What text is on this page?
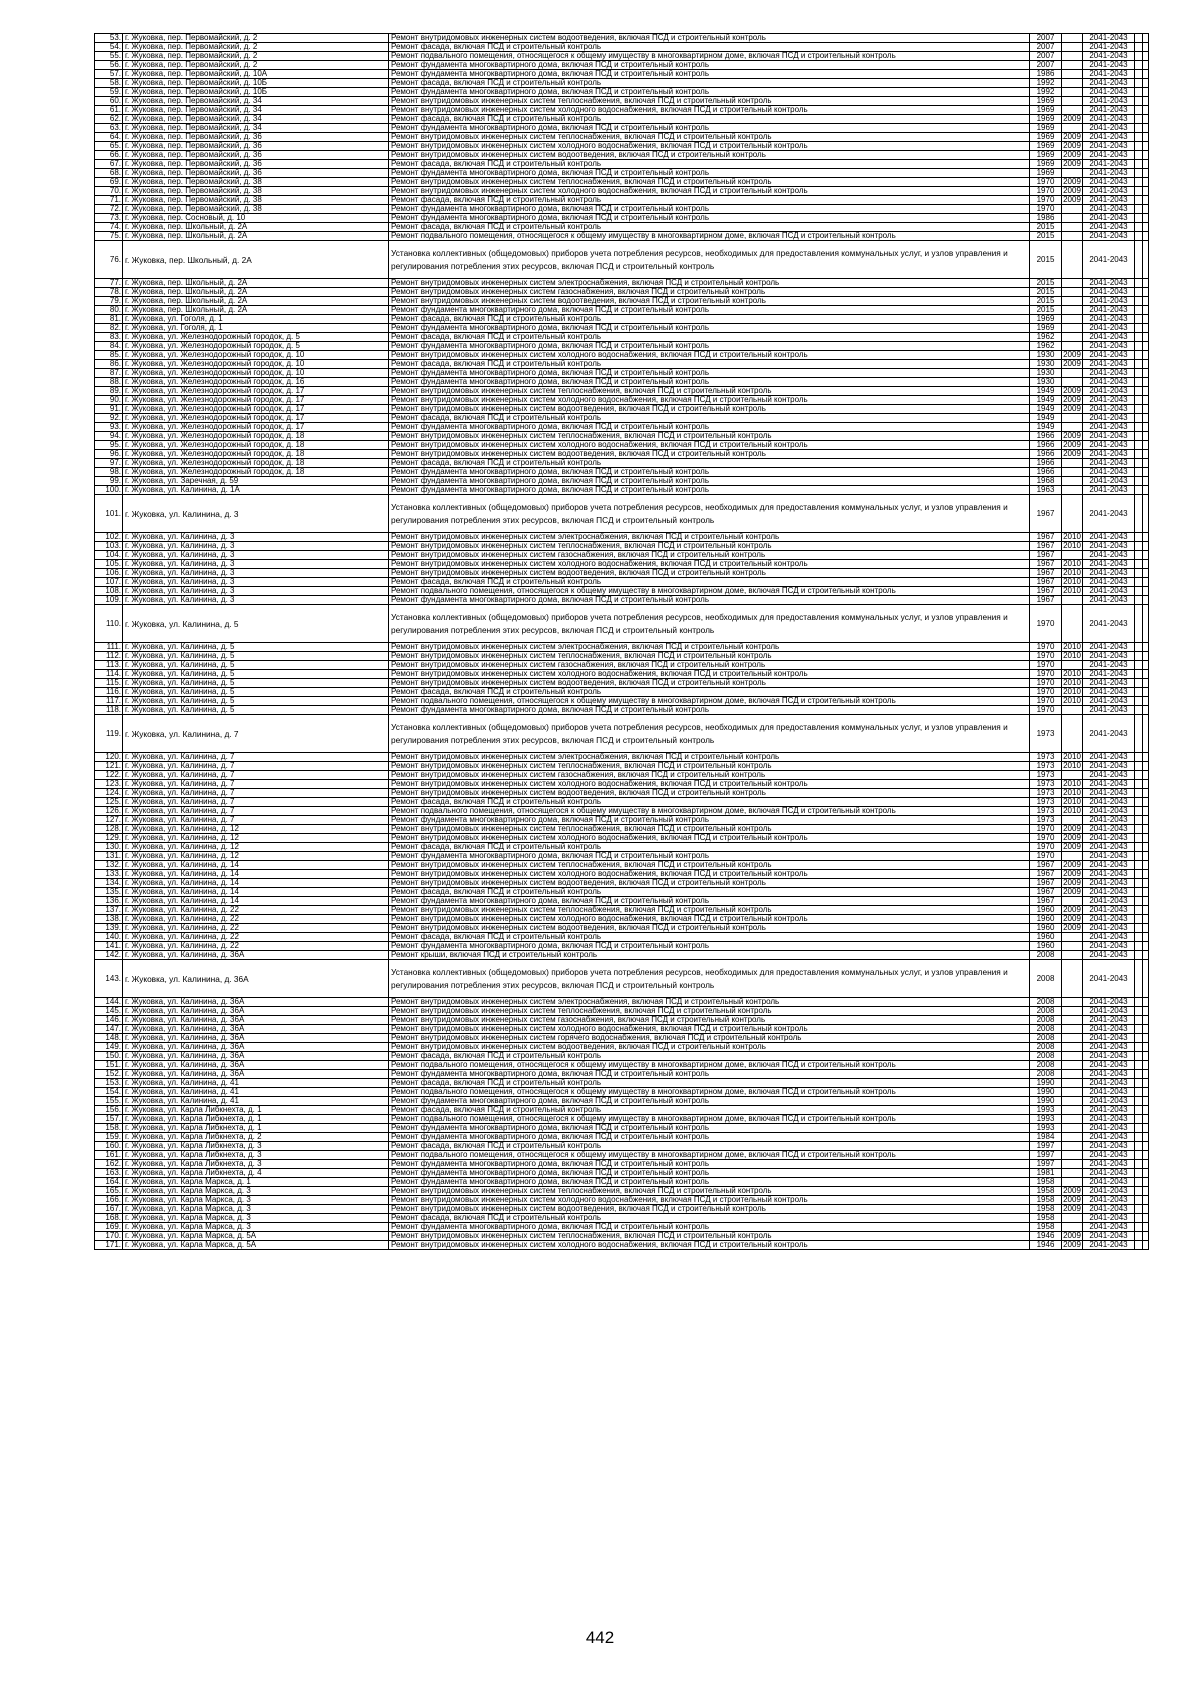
53.	г. Жуковка, пер. Первомайский, д. 2	Ремонт внутридомовых инженерных систем водоотведения, включая ПСД и строительный контроль	2007		2041-2043		
54.	г. Жуковка, пер. Первомайский, д. 2	Ремонт фасада, включая ПСД и строительный контроль	2007		2041-2043		
55.	г. Жуковка, пер. Первомайский, д. 2	Ремонт подвального помещения, относящегося к общему имуществу в многоквартирном доме, включая ПСД и строительный контроль	2007		2041-2043		
56.	г. Жуковка, пер. Первомайский, д. 2	Ремонт фундамента многоквартирного дома, включая ПСД и строительный контроль	2007		2041-2043		
57.	г. Жуковка, пер. Первомайский, д. 10А	Ремонт фундамента многоквартирного дома, включая ПСД и строительный контроль	1986		2041-2043		
58.	г. Жуковка, пер. Первомайский, д. 10Б	Ремонт фасада, включая ПСД и строительный контроль	1992		2041-2043		
59.	г. Жуковка, пер. Первомайский, д. 10Б	Ремонт фундамента многоквартирного дома, включая ПСД и строительный контроль	1992		2041-2043		
60.	г. Жуковка, пер. Первомайский, д. 34	Ремонт внутридомовых инженерных систем теплоснабжения, включая ПСД и строительный контроль	1969		2041-2043		
61.	г. Жуковка, пер. Первомайский, д. 34	Ремонт внутридомовых инженерных систем холодного водоснабжения, включая ПСД и строительный контроль	1969		2041-2043		
62.	г. Жуковка, пер. Первомайский, д. 34	Ремонт фасада, включая ПСД и строительный контроль	1969	2009	2041-2043		
63.	г. Жуковка, пер. Первомайский, д. 34	Ремонт фундамента многоквартирного дома, включая ПСД и строительный контроль	1969		2041-2043		
64.	г. Жуковка, пер. Первомайский, д. 36	Ремонт внутридомовых инженерных систем теплоснабжения, включая ПСД и строительный контроль	1969	2009	2041-2043		
65.	г. Жуковка, пер. Первомайский, д. 36	Ремонт внутридомовых инженерных систем холодного водоснабжения, включая ПСД и строительный контроль	1969	2009	2041-2043		
66.	г. Жуковка, пер. Первомайский, д. 36	Ремонт внутридомовых инженерных систем водоотведения, включая ПСД и строительный контроль	1969	2009	2041-2043		
67.	г. Жуковка, пер. Первомайский, д. 36	Ремонт фасада, включая ПСД и строительный контроль	1969	2009	2041-2043		
68.	г. Жуковка, пер. Первомайский, д. 36	Ремонт фундамента многоквартирного дома, включая ПСД и строительный контроль	1969		2041-2043		
69.	г. Жуковка, пер. Первомайский, д. 38	Ремонт внутридомовых инженерных систем теплоснабжения, включая ПСД и строительный контроль	1970	2009	2041-2043		
70.	г. Жуковка, пер. Первомайский, д. 38	Ремонт внутридомовых инженерных систем холодного водоснабжения, включая ПСД и строительный контроль	1970	2009	2041-2043		
71.	г. Жуковка, пер. Первомайский, д. 38	Ремонт фасада, включая ПСД и строительный контроль	1970	2009	2041-2043		
72.	г. Жуковка, пер. Первомайский, д. 38	Ремонт фундамента многоквартирного дома, включая ПСД и строительный контроль	1970		2041-2043		
73.	г. Жуковка, пер. Сосновый, д. 10	Ремонт фундамента многоквартирного дома, включая ПСД и строительный контроль	1986		2041-2043		
74.	г. Жуковка, пер. Школьный, д. 2А	Ремонт фасада, включая ПСД и строительный контроль	2015		2041-2043		
75.	г. Жуковка, пер. Школьный, д. 2А	Ремонт подвального помещения, относящегося к общему имуществу в многоквартирном доме, включая ПСД и строительный контроль	2015		2041-2043		
76.	г. Жуковка, пер. Школьный, д. 2А	Установка коллективных (общедомовых) приборов учета потребления ресурсов, необходимых для предоставления коммунальных услуг, и узлов управления и регулирования потребления этих ресурсов, включая ПСД и строительный контроль	2015		2041-2043		
77.	г. Жуковка, пер. Школьный, д. 2А	Ремонт внутридомовых инженерных систем электроснабжения, включая ПСД и строительный контроль	2015		2041-2043		
78.	г. Жуковка, пер. Школьный, д. 2А	Ремонт внутридомовых инженерных систем газоснабжения, включая ПСД и строительный контроль	2015		2041-2043		
79.	г. Жуковка, пер. Школьный, д. 2А	Ремонт внутридомовых инженерных систем водоотведения, включая ПСД и строительный контроль	2015		2041-2043		
80.	г. Жуковка, пер. Школьный, д. 2А	Ремонт фундамента многоквартирного дома, включая ПСД и строительный контроль	2015		2041-2043		
81.	г. Жуковка, ул. Гоголя, д. 1	Ремонт фасада, включая ПСД и строительный контроль	1969		2041-2043		
82.	г. Жуковка, ул. Гоголя, д. 1	Ремонт фундамента многоквартирного дома, включая ПСД и строительный контроль	1969		2041-2043		
83.	г. Жуковка, ул. Железнодорожный городок, д. 5	Ремонт фасада, включая ПСД и строительный контроль	1962		2041-2043		
84.	г. Жуковка, ул. Железнодорожный городок, д. 5	Ремонт фундамента многоквартирного дома, включая ПСД и строительный контроль	1962		2041-2043		
85.	г. Жуковка, ул. Железнодорожный городок, д. 10	Ремонт внутридомовых инженерных систем холодного водоснабжения, включая ПСД и строительный контроль	1930	2009	2041-2043		
86.	г. Жуковка, ул. Железнодорожный городок, д. 10	Ремонт фасада, включая ПСД и строительный контроль	1930	2009	2041-2043		
87.	г. Жуковка, ул. Железнодорожный городок, д. 10	Ремонт фундамента многоквартирного дома, включая ПСД и строительный контроль	1930		2041-2043		
88.	г. Жуковка, ул. Железнодорожный городок, д. 16	Ремонт фундамента многоквартирного дома, включая ПСД и строительный контроль	1930		2041-2043		
89.	г. Жуковка, ул. Железнодорожный городок, д. 17	Ремонт внутридомовых инженерных систем теплоснабжения, включая ПСД и строительный контроль	1949	2009	2041-2043		
90.	г. Жуковка, ул. Железнодорожный городок, д. 17	Ремонт внутридомовых инженерных систем холодного водоснабжения, включая ПСД и строительный контроль	1949	2009	2041-2043		
91.	г. Жуковка, ул. Железнодорожный городок, д. 17	Ремонт внутридомовых инженерных систем водоотведения, включая ПСД и строительный контроль	1949	2009	2041-2043		
92.	г. Жуковка, ул. Железнодорожный городок, д. 17	Ремонт фасада, включая ПСД и строительный контроль	1949		2041-2043		
93.	г. Жуковка, ул. Железнодорожный городок, д. 17	Ремонт фундамента многоквартирного дома, включая ПСД и строительный контроль	1949		2041-2043		
94.	г. Жуковка, ул. Железнодорожный городок, д. 18	Ремонт внутридомовых инженерных систем теплоснабжения, включая ПСД и строительный контроль	1966	2009	2041-2043		
95.	г. Жуковка, ул. Железнодорожный городок, д. 18	Ремонт внутридомовых инженерных систем холодного водоснабжения, включая ПСД и строительный контроль	1966	2009	2041-2043		
96.	г. Жуковка, ул. Железнодорожный городок, д. 18	Ремонт внутридомовых инженерных систем водоотведения, включая ПСД и строительный контроль	1966	2009	2041-2043		
97.	г. Жуковка, ул. Железнодорожный городок, д. 18	Ремонт фасада, включая ПСД и строительный контроль	1966		2041-2043		
98.	г. Жуковка, ул. Железнодорожный городок, д. 18	Ремонт фундамента многоквартирного дома, включая ПСД и строительный контроль	1966		2041-2043		
99.	г. Жуковка, ул. Заречная, д. 59	Ремонт фундамента многоквартирного дома, включая ПСД и строительный контроль	1968		2041-2043		
100.	г. Жуковка, ул. Калинина, д. 1А	Ремонт фундамента многоквартирного дома, включая ПСД и строительный контроль	1963		2041-2043		
101.	г. Жуковка, ул. Калинина, д. 3	Установка коллективных (общедомовых) приборов учета потребления ресурсов, необходимых для предоставления коммунальных услуг, и узлов управления и регулирования потребления этих ресурсов, включая ПСД и строительный контроль	1967		2041-2043		
102.	г. Жуковка, ул. Калинина, д. 3	Ремонт внутридомовых инженерных систем электроснабжения, включая ПСД и строительный контроль	1967	2010	2041-2043		
103.	г. Жуковка, ул. Калинина, д. 3	Ремонт внутридомовых инженерных систем теплоснабжения, включая ПСД и строительный контроль	1967	2010	2041-2043		
104.	г. Жуковка, ул. Калинина, д. 3	Ремонт внутридомовых инженерных систем газоснабжения, включая ПСД и строительный контроль	1967		2041-2043		
105.	г. Жуковка, ул. Калинина, д. 3	Ремонт внутридомовых инженерных систем холодного водоснабжения, включая ПСД и строительный контроль	1967	2010	2041-2043		
106.	г. Жуковка, ул. Калинина, д. 3	Ремонт внутридомовых инженерных систем водоотведения, включая ПСД и строительный контроль	1967	2010	2041-2043		
107.	г. Жуковка, ул. Калинина, д. 3	Ремонт фасада, включая ПСД и строительный контроль	1967	2010	2041-2043		
108.	г. Жуковка, ул. Калинина, д. 3	Ремонт подвального помещения, относящегося к общему имуществу в многоквартирном доме, включая ПСД и строительный контроль	1967	2010	2041-2043		
109.	г. Жуковка, ул. Калинина, д. 3	Ремонт фундамента многоквартирного дома, включая ПСД и строительный контроль	1967		2041-2043		
110.	г. Жуковка, ул. Калинина, д. 5	Установка коллективных (общедомовых) приборов учета потребления ресурсов, необходимых для предоставления коммунальных услуг, и узлов управления и регулирования потребления этих ресурсов, включая ПСД и строительный контроль	1970		2041-2043		
111.	г. Жуковка, ул. Калинина, д. 5	Ремонт внутридомовых инженерных систем электроснабжения, включая ПСД и строительный контроль	1970	2010	2041-2043		
112.	г. Жуковка, ул. Калинина, д. 5	Ремонт внутридомовых инженерных систем теплоснабжения, включая ПСД и строительный контроль	1970	2010	2041-2043		
113.	г. Жуковка, ул. Калинина, д. 5	Ремонт внутридомовых инженерных систем газоснабжения, включая ПСД и строительный контроль	1970		2041-2043		
114.	г. Жуковка, ул. Калинина, д. 5	Ремонт внутридомовых инженерных систем холодного водоснабжения, включая ПСД и строительный контроль	1970	2010	2041-2043		
115.	г. Жуковка, ул. Калинина, д. 5	Ремонт внутридомовых инженерных систем водоотведения, включая ПСД и строительный контроль	1970	2010	2041-2043		
116.	г. Жуковка, ул. Калинина, д. 5	Ремонт фасада, включая ПСД и строительный контроль	1970	2010	2041-2043		
117.	г. Жуковка, ул. Калинина, д. 5	Ремонт подвального помещения, относящегося к общему имуществу в многоквартирном доме, включая ПСД и строительный контроль	1970	2010	2041-2043		
118.	г. Жуковка, ул. Калинина, д. 5	Ремонт фундамента многоквартирного дома, включая ПСД и строительный контроль	1970		2041-2043		
119.	г. Жуковка, ул. Калинина, д. 7	Установка коллективных (общедомовых) приборов учета потребления ресурсов, необходимых для предоставления коммунальных услуг, и узлов управления и регулирования потребления этих ресурсов, включая ПСД и строительный контроль	1973		2041-2043		
120.	г. Жуковка, ул. Калинина, д. 7	Ремонт внутридомовых инженерных систем электроснабжения, включая ПСД и строительный контроль	1973	2010	2041-2043		
121.	г. Жуковка, ул. Калинина, д. 7	Ремонт внутридомовых инженерных систем теплоснабжения, включая ПСД и строительный контроль	1973	2010	2041-2043		
122.	г. Жуковка, ул. Калинина, д. 7	Ремонт внутридомовых инженерных систем газоснабжения, включая ПСД и строительный контроль	1973		2041-2043		
123.	г. Жуковка, ул. Калинина, д. 7	Ремонт внутридомовых инженерных систем холодного водоснабжения, включая ПСД и строительный контроль	1973	2010	2041-2043		
124.	г. Жуковка, ул. Калинина, д. 7	Ремонт внутридомовых инженерных систем водоотведения, включая ПСД и строительный контроль	1973	2010	2041-2043		
125.	г. Жуковка, ул. Калинина, д. 7	Ремонт фасада, включая ПСД и строительный контроль	1973	2010	2041-2043		
126.	г. Жуковка, ул. Калинина, д. 7	Ремонт подвального помещения, относящегося к общему имуществу в многоквартирном доме, включая ПСД и строительный контроль	1973	2010	2041-2043		
127.	г. Жуковка, ул. Калинина, д. 7	Ремонт фундамента многоквартирного дома, включая ПСД и строительный контроль	1973		2041-2043		
128.	г. Жуковка, ул. Калинина, д. 12	Ремонт внутридомовых инженерных систем теплоснабжения, включая ПСД и строительный контроль	1970	2009	2041-2043		
129.	г. Жуковка, ул. Калинина, д. 12	Ремонт внутридомовых инженерных систем холодного водоснабжения, включая ПСД и строительный контроль	1970	2009	2041-2043		
130.	г. Жуковка, ул. Калинина, д. 12	Ремонт фасада, включая ПСД и строительный контроль	1970	2009	2041-2043		
131.	г. Жуковка, ул. Калинина, д. 12	Ремонт фундамента многоквартирного дома, включая ПСД и строительный контроль	1970		2041-2043		
132.	г. Жуковка, ул. Калинина, д. 14	Ремонт внутридомовых инженерных систем теплоснабжения, включая ПСД и строительный контроль	1967	2009	2041-2043		
133.	г. Жуковка, ул. Калинина, д. 14	Ремонт внутридомовых инженерных систем холодного водоснабжения, включая ПСД и строительный контроль	1967	2009	2041-2043		
134.	г. Жуковка, ул. Калинина, д. 14	Ремонт внутридомовых инженерных систем водоотведения, включая ПСД и строительный контроль	1967	2009	2041-2043		
135.	г. Жуковка, ул. Калинина, д. 14	Ремонт фасада, включая ПСД и строительный контроль	1967	2009	2041-2043		
136.	г. Жуковка, ул. Калинина, д. 14	Ремонт фундамента многоквартирного дома, включая ПСД и строительный контроль	1967		2041-2043		
137.	г. Жуковка, ул. Калинина, д. 22	Ремонт внутридомовых инженерных систем теплоснабжения, включая ПСД и строительный контроль	1960	2009	2041-2043		
138.	г. Жуковка, ул. Калинина, д. 22	Ремонт внутридомовых инженерных систем холодного водоснабжения, включая ПСД и строительный контроль	1960	2009	2041-2043		
139.	г. Жуковка, ул. Калинина, д. 22	Ремонт внутридомовых инженерных систем водоотведения, включая ПСД и строительный контроль	1960	2009	2041-2043		
140.	г. Жуковка, ул. Калинина, д. 22	Ремонт фасада, включая ПСД и строительный контроль	1960		2041-2043		
141.	г. Жуковка, ул. Калинина, д. 22	Ремонт фундамента многоквартирного дома, включая ПСД и строительный контроль	1960		2041-2043		
142.	г. Жуковка, ул. Калинина, д. 36А	Ремонт крыши, включая ПСД и строительный контроль	2008		2041-2043		
143.	г. Жуковка, ул. Калинина, д. 36А	Установка коллективных (общедомовых) приборов учета потребления ресурсов, необходимых для предоставления коммунальных услуг, и узлов управления и регулирования потребления этих ресурсов, включая ПСД и строительный контроль	2008		2041-2043		
144.	г. Жуковка, ул. Калинина, д. 36А	Ремонт внутридомовых инженерных систем электроснабжения, включая ПСД и строительный контроль	2008		2041-2043		
145.	г. Жуковка, ул. Калинина, д. 36А	Ремонт внутридомовых инженерных систем теплоснабжения, включая ПСД и строительный контроль	2008		2041-2043		
146.	г. Жуковка, ул. Калинина, д. 36А	Ремонт внутридомовых инженерных систем газоснабжения, включая ПСД и строительный контроль	2008		2041-2043		
147.	г. Жуковка, ул. Калинина, д. 36А	Ремонт внутридомовых инженерных систем холодного водоснабжения, включая ПСД и строительный контроль	2008		2041-2043		
148.	г. Жуковка, ул. Калинина, д. 36А	Ремонт внутридомовых инженерных систем горячего водоснабжения, включая ПСД и строительный контроль	2008		2041-2043		
149.	г. Жуковка, ул. Калинина, д. 36А	Ремонт внутридомовых инженерных систем водоотведения, включая ПСД и строительный контроль	2008		2041-2043		
150.	г. Жуковка, ул. Калинина, д. 36А	Ремонт фасада, включая ПСД и строительный контроль	2008		2041-2043		
151.	г. Жуковка, ул. Калинина, д. 36А	Ремонт подвального помещения, относящегося к общему имуществу в многоквартирном доме, включая ПСД и строительный контроль	2008		2041-2043		
152.	г. Жуковка, ул. Калинина, д. 36А	Ремонт фундамента многоквартирного дома, включая ПСД и строительный контроль	2008		2041-2043		
153.	г. Жуковка, ул. Калинина, д. 41	Ремонт фасада, включая ПСД и строительный контроль	1990		2041-2043		
154.	г. Жуковка, ул. Калинина, д. 41	Ремонт подвального помещения, относящегося к общему имуществу в многоквартирном доме, включая ПСД и строительный контроль	1990		2041-2043		
155.	г. Жуковка, ул. Калинина, д. 41	Ремонт фундамента многоквартирного дома, включая ПСД и строительный контроль	1990		2041-2043		
156.	г. Жуковка, ул. Карла Либкнехта, д. 1	Ремонт фасада, включая ПСД и строительный контроль	1993		2041-2043		
157.	г. Жуковка, ул. Карла Либкнехта, д. 1	Ремонт подвального помещения, относящегося к общему имуществу в многоквартирном доме, включая ПСД и строительный контроль	1993		2041-2043		
158.	г. Жуковка, ул. Карла Либкнехта, д. 1	Ремонт фундамента многоквартирного дома, включая ПСД и строительный контроль	1993		2041-2043		
159.	г. Жуковка, ул. Карла Либкнехта, д. 2	Ремонт фундамента многоквартирного дома, включая ПСД и строительный контроль	1984		2041-2043		
160.	г. Жуковка, ул. Карла Либкнехта, д. 3	Ремонт фасада, включая ПСД и строительный контроль	1997		2041-2043		
161.	г. Жуковка, ул. Карла Либкнехта, д. 3	Ремонт подвального помещения, относящегося к общему имуществу в многоквартирном доме, включая ПСД и строительный контроль	1997		2041-2043		
162.	г. Жуковка, ул. Карла Либкнехта, д. 3	Ремонт фундамента многоквартирного дома, включая ПСД и строительный контроль	1997		2041-2043		
163.	г. Жуковка, ул. Карла Либкнехта, д. 4	Ремонт фундамента многоквартирного дома, включая ПСД и строительный контроль	1981		2041-2043		
164.	г. Жуковка, ул. Карла Маркса, д. 1	Ремонт фундамента многоквартирного дома, включая ПСД и строительный контроль	1958		2041-2043		
165.	г. Жуковка, ул. Карла Маркса, д. 3	Ремонт внутридомовых инженерных систем теплоснабжения, включая ПСД и строительный контроль	1958	2009	2041-2043		
166.	г. Жуковка, ул. Карла Маркса, д. 3	Ремонт внутридомовых инженерных систем холодного водоснабжения, включая ПСД и строительный контроль	1958	2009	2041-2043		
167.	г. Жуковка, ул. Карла Маркса, д. 3	Ремонт внутридомовых инженерных систем водоотведения, включая ПСД и строительный контроль	1958	2009	2041-2043		
168.	г. Жуковка, ул. Карла Маркса, д. 3	Ремонт фасада, включая ПСД и строительный контроль	1958		2041-2043		
169.	г. Жуковка, ул. Карла Маркса, д. 3	Ремонт фундамента многоквартирного дома, включая ПСД и строительный контроль	1958		2041-2043		
170.	г. Жуковка, ул. Карла Маркса, д. 5А	Ремонт внутридомовых инженерных систем теплоснабжения, включая ПСД и строительный контроль	1946	2009	2041-2043		
171.	г. Жуковка, ул. Карла Маркса, д. 5А	Ремонт внутридомовых инженерных систем холодного водоснабжения, включая ПСД и строительный контроль	1946	2009	2041-2043		
442
